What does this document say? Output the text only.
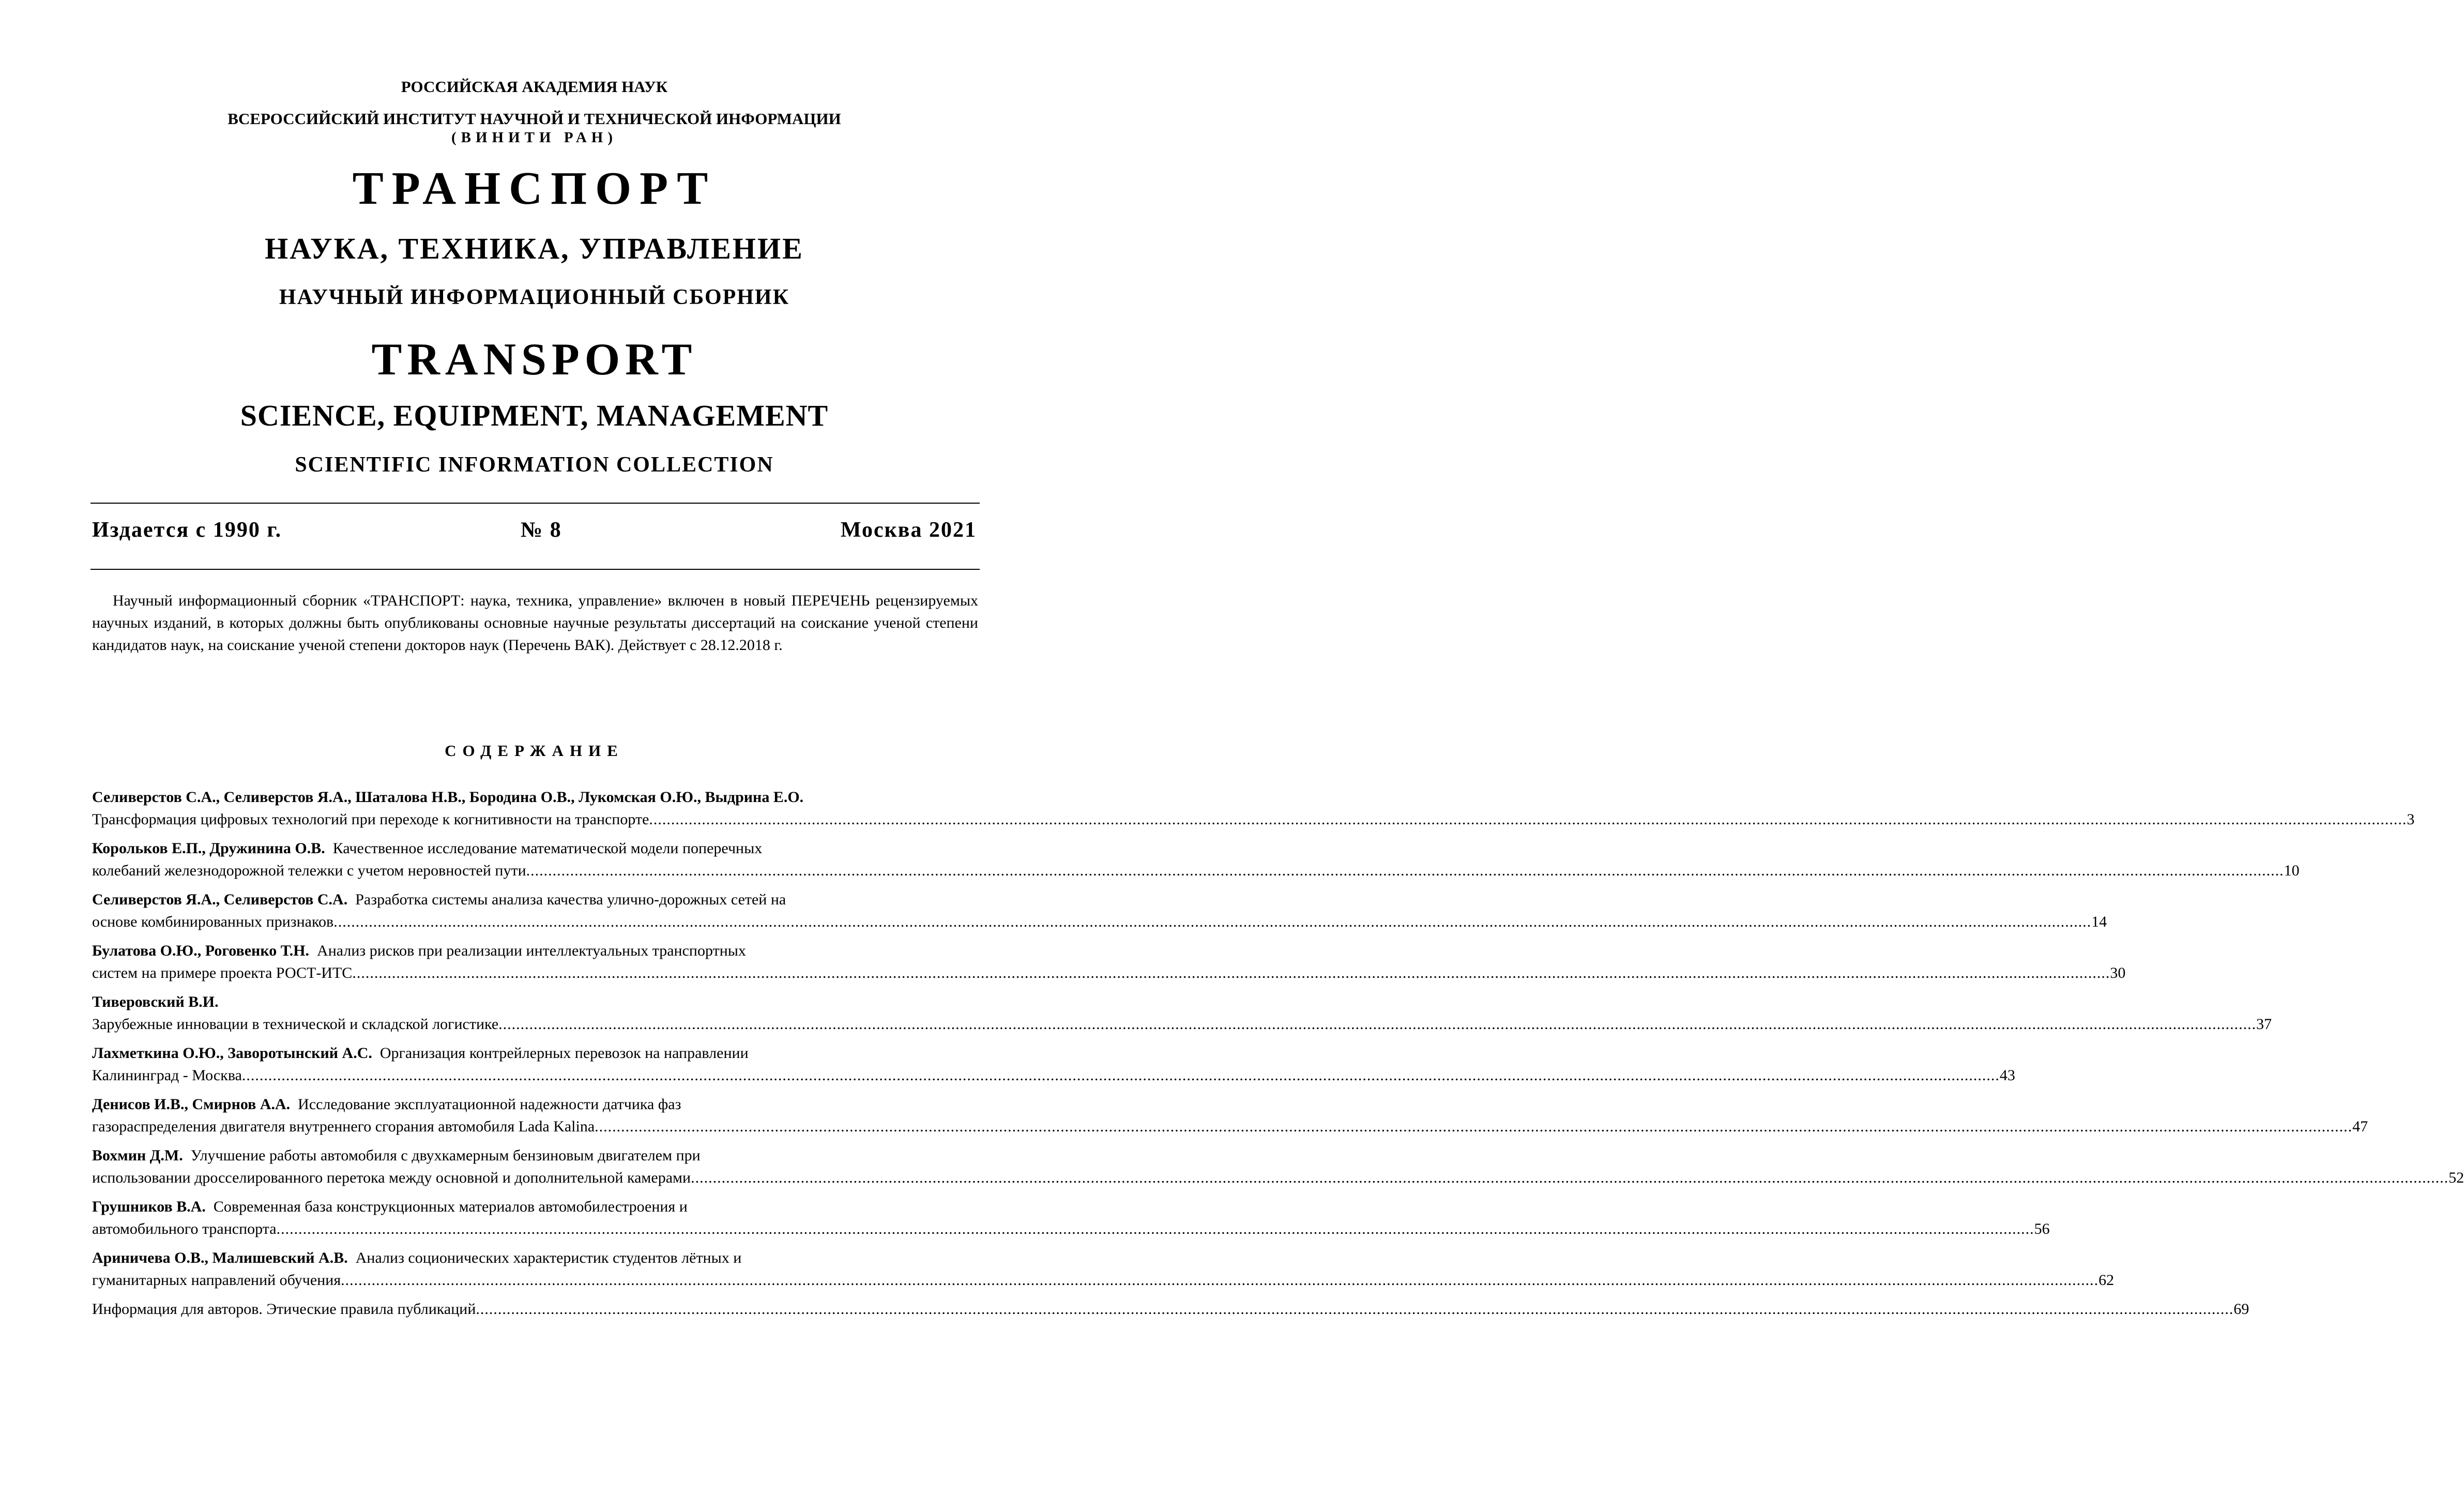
РОССИЙСКАЯ АКАДЕМИЯ НАУК
ВСЕРОССИЙСКИЙ ИНСТИТУТ НАУЧНОЙ И ТЕХНИЧЕСКОЙ ИНФОРМАЦИИ
(ВИНИТИ РАН)
ТРАНСПОРТ
НАУКА, ТЕХНИКА, УПРАВЛЕНИЕ
НАУЧНЫЙ ИНФОРМАЦИОННЫЙ СБОРНИК
TRANSPORT
SCIENCE, EQUIPMENT, MANAGEMENT
SCIENTIFIC INFORMATION COLLECTION
Издается с 1990 г.	№ 8	Москва 2021
Научный информационный сборник «ТРАНСПОРТ: наука, техника, управление» включен в новый ПЕРЕЧЕНЬ рецензируемых научных изданий, в которых должны быть опубликованы основные научные результаты диссертаций на соискание ученой степени кандидатов наук, на соискание ученой степени докторов наук (Перечень ВАК). Действует с 28.12.2018 г.
СОДЕРЖАНИЕ
Селиверстов С.А., Селиверстов Я.А., Шаталова Н.В., Бородина О.В., Лукомская О.Ю., Выдрина Е.О.
Трансформация цифровых технологий при переходе к когнитивности на транспорте ................................................................................................................................................................................................................................................................................................................................................................................................................ 3
Корольков Е.П., Дружинина О.В. Качественное исследование математической модели поперечных
колебаний железнодорожной тележки с учетом неровностей пути ................................................................................................................................................................................................................................................................................................................................................................................................................ 10
Селиверстов Я.А., Селиверстов С.А. Разработка системы анализа качества улично-дорожных сетей на
основе комбинированных признаков ................................................................................................................................................................................................................................................................................................................................................................................................................ 14
Булатова О.Ю., Роговенко Т.Н. Анализ рисков при реализации интеллектуальных транспортных
систем на примере проекта РОСТ-ИТС ................................................................................................................................................................................................................................................................................................................................................................................................................ 30
Тиверовский В.И.
Зарубежные инновации в технической и складской логистике ................................................................................................................................................................................................................................................................................................................................................................................................................ 37
Лахметкина О.Ю., Заворотынский А.С. Организация контрейлерных перевозок на направлении
Калининград - Москва ................................................................................................................................................................................................................................................................................................................................................................................................................ 43
Денисов И.В., Смирнов А.А. Исследование эксплуатационной надежности датчика фаз
газораспределения двигателя внутреннего сгорания автомобиля Lada Kalina ................................................................................................................................................................................................................................................................................................................................................................................................................ 47
Вохмин Д.М. Улучшение работы автомобиля с двухкамерным бензиновым двигателем при
использовании дросселированного перетока между основной и дополнительной камерами ................................................................................................................................................................................................................................................................................................................................................................................................................ 52
Грушников В.А. Современная база конструкционных материалов автомобилестроения и
автомобильного транспорта ................................................................................................................................................................................................................................................................................................................................................................................................................ 56
Ариничева О.В., Малишевский А.В. Анализ соционических характеристик студентов лётных и
гуманитарных направлений обучения ................................................................................................................................................................................................................................................................................................................................................................................................................ 62
Информация для авторов. Этические правила публикаций ................................................................................................................................................................................................................................................................................................................................................................................................................ 69
